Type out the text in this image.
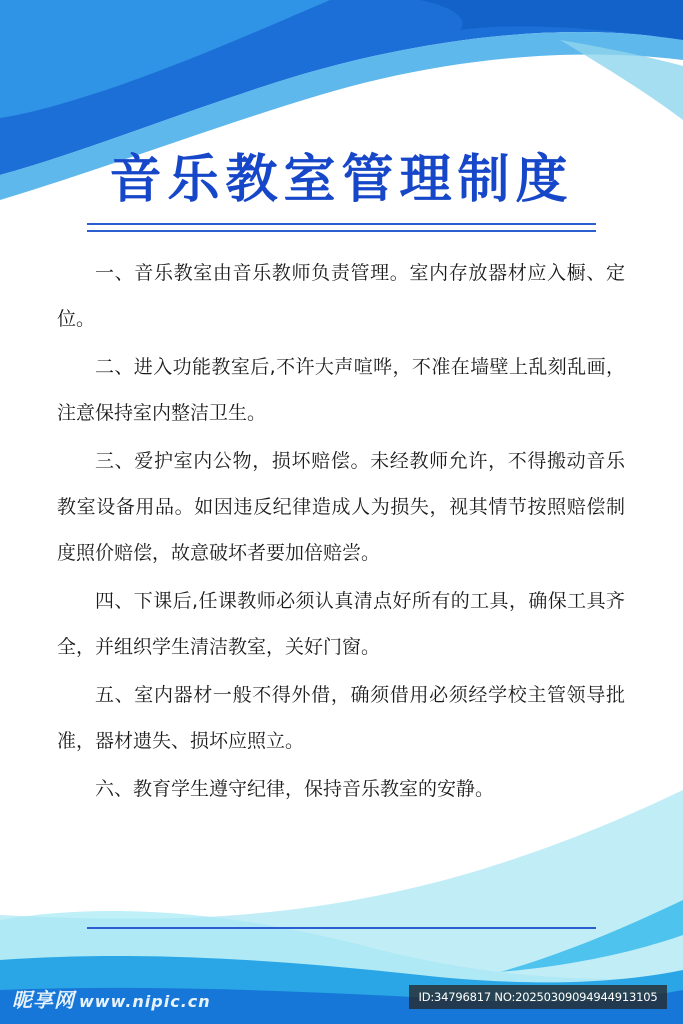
音乐教室管理制度

一、音乐教室由音乐教师负责管理。室内存放器材应入橱、定位。

二、进入功能教室后,不许大声喧哗，不准在墙壁上乱刻乱画，注意保持室内整洁卫生。

三、爱护室内公物，损坏赔偿。未经教师允许，不得搬动音乐教室设备用品。如因违反纪律造成人为损失，视其情节按照赔偿制度照价赔偿，故意破坏者要加倍赔尝。

四、下课后,任课教师必须认真清点好所有的工具，确保工具齐全，并组织学生清洁教室，关好门窗。

五、室内器材一般不得外借，确须借用必须经学校主管领导批准，器材遗失、损坏应照立。

六、教育学生遵守纪律，保持音乐教室的安静。

昵享网 www.nipic.cn	ID:34796817 NO:20250309094944913105
